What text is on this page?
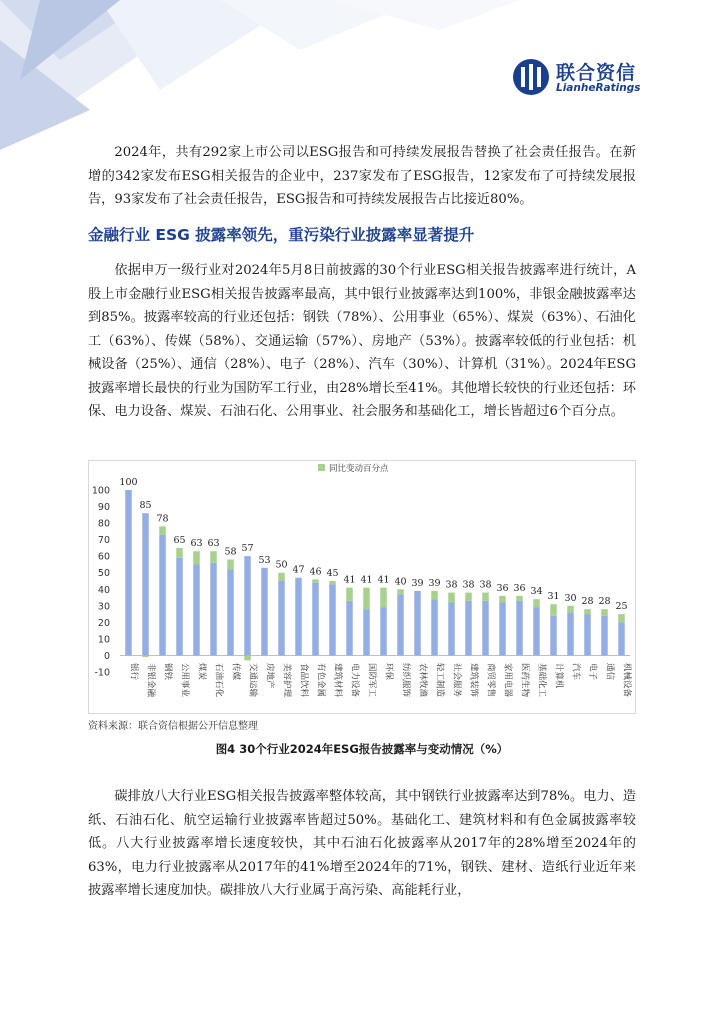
联合资信
LianheRatings

2024年，共有292家上市公司以ESG报告和可持续发展报告替换了社会责任报告。在新增的342家发布ESG相关报告的企业中，237家发布了ESG报告，12家发布了可持续发展报告，93家发布了社会责任报告，ESG报告和可持续发展报告占比接近80%。

金融行业 ESG 披露率领先，重污染行业披露率显著提升

依据申万一级行业对2024年5月8日前披露的30个行业ESG相关报告披露率进行统计，A股上市金融行业ESG相关报告披露率最高，其中银行业披露率达到100%，非银金融披露率达到85%。披露率较高的行业还包括：钢铁（78%）、公用事业（65%）、煤炭（63%）、石油化工（63%）、传媒（58%）、交通运输（57%）、房地产（53%）。披露率较低的行业包括：机械设备（25%）、通信（28%）、电子（28%）、汽车（30%）、计算机（31%）。2024年ESG披露率增长最快的行业为国防军工行业，由28%增长至41%。其他增长较快的行业还包括：环保、电力设备、煤炭、石油石化、公用事业、社会服务和基础化工，增长皆超过6个百分点。

100
90
80
70
60
50
40
30
20
10
0
-10
100
银行
85
非银金融
78
钢铁
65
公用事业
63
煤炭
63
石油石化
58
传媒
57
交通运输
53
房地产
50
美容护理
47
食品饮料
46
有色金属
45
建筑材料
41
电力设备
41
国防军工
41
环保
40
纺织服饰
39
农林牧渔
39
轻工制造
38
社会服务
38
建筑装饰
38
商贸零售
36
家用电器
36
医药生物
34
基础化工
31
计算机
30
汽车
28
电子
28
通信
25
机械设备
同比变动百分点
资料来源：联合资信根据公开信息整理
图4 30个行业2024年ESG报告披露率与变动情况（%）

碳排放八大行业ESG相关报告披露率整体较高，其中钢铁行业披露率达到78%。电力、造纸、石油石化、航空运输行业披露率皆超过50%。基础化工、建筑材料和有色金属披露率较低。八大行业披露率增长速度较快，其中石油石化披露率从2017年的28%增至2024年的63%，电力行业披露率从2017年的41%增至2024年的71%，钢铁、建材、造纸行业近年来披露率增长速度加快。碳排放八大行业属于高污染、高能耗行业，
